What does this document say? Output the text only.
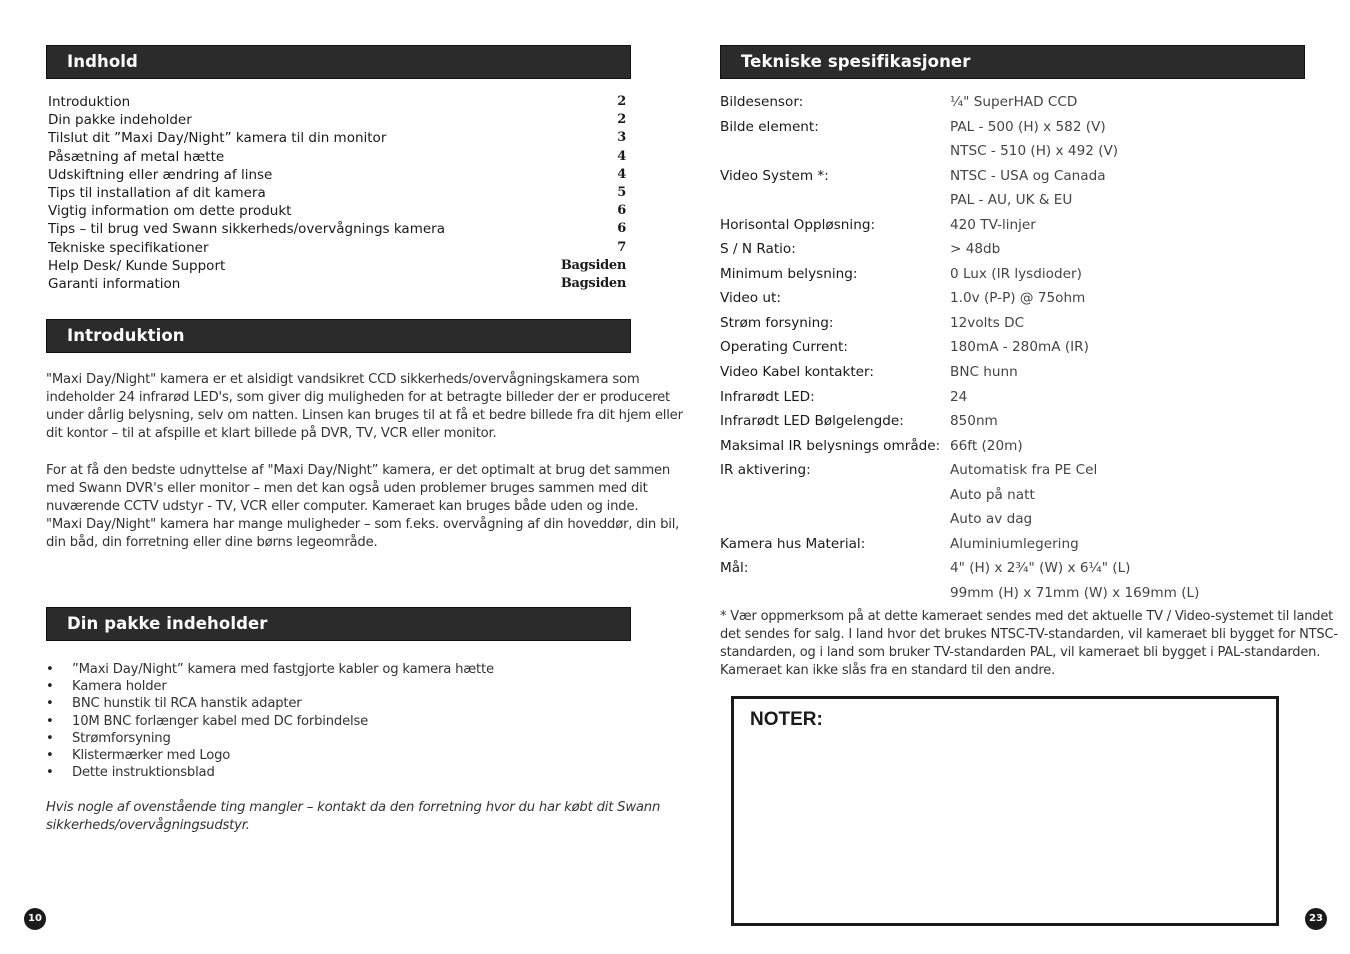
Indhold
Introduktion	2
Din pakke indeholder	2
Tilslut dit ”Maxi Day/Night” kamera til din monitor	3
Påsætning af metal hætte	4
Udskiftning eller ændring af linse	4
Tips til installation af dit kamera	5
Vigtig information om dette produkt	6
Tips – til brug ved Swann sikkerheds/overvågnings kamera	6
Tekniske specifikationer	7
Help Desk/ Kunde Support	Bagsiden
Garanti information	Bagsiden
Introduktion
"Maxi Day/Night" kamera er et alsidigt vandsikret CCD sikkerheds/overvågningskamera som
indeholder 24 infrarød LED's, som giver dig muligheden for at betragte billeder der er produceret
under dårlig belysning, selv om natten. Linsen kan bruges til at få et bedre billede fra dit hjem eller
dit kontor – til at afspille et klart billede på DVR, TV, VCR eller monitor.
For at få den bedste udnyttelse af "Maxi Day/Night” kamera, er det optimalt at brug det sammen
med Swann DVR's eller monitor – men det kan også uden problemer bruges sammen med dit
nuværende CCTV udstyr - TV, VCR eller computer. Kameraet kan bruges både uden og inde.
"Maxi Day/Night" kamera har mange muligheder – som f.eks. overvågning af din hoveddør, din bil,
din båd, din forretning eller dine børns legeområde.
Din pakke indeholder
• ”Maxi Day/Night” kamera med fastgjorte kabler og kamera hætte
• Kamera holder
• BNC hunstik til RCA hanstik adapter
• 10M BNC forlænger kabel med DC forbindelse
• Strømforsyning
• Klistermærker med Logo
• Dette instruktionsblad
Hvis nogle af ovenstående ting mangler – kontakt da den forretning hvor du har købt dit Swann
sikkerheds/overvågningsudstyr.
10
Tekniske spesifikasjoner
Bildesensor:	¼" SuperHAD CCD
Bilde element:	PAL - 500 (H) x 582 (V)
NTSC - 510 (H) x 492 (V)
Video System *:	NTSC - USA og Canada
PAL - AU, UK & EU
Horisontal Oppløsning:	420 TV-linjer
S / N Ratio:	> 48db
Minimum belysning:	0 Lux (IR lysdioder)
Video ut:	1.0v (P-P) @ 75ohm
Strøm forsyning:	12volts DC
Operating Current:	180mA - 280mA (IR)
Video Kabel kontakter:	BNC hunn
Infrarødt LED:	24
Infrarødt LED Bølgelengde:	850nm
Maksimal IR belysnings område: 66ft (20m)
IR aktivering:	Automatisk fra PE Cel
Auto på natt
Auto av dag
Kamera hus Material:	Aluminiumlegering
Mål:	4" (H) x 2¾" (W) x 6¼" (L)
99mm (H) x 71mm (W) x 169mm (L)
* Vær oppmerksom på at dette kameraet sendes med det aktuelle TV / Video-systemet til landet
det sendes for salg. I land hvor det brukes NTSC-TV-standarden, vil kameraet bli bygget for NTSC-
standarden, og i land som bruker TV-standarden PAL, vil kameraet bli bygget i PAL-standarden.
Kameraet kan ikke slås fra en standard til den andre.
NOTER:
23
